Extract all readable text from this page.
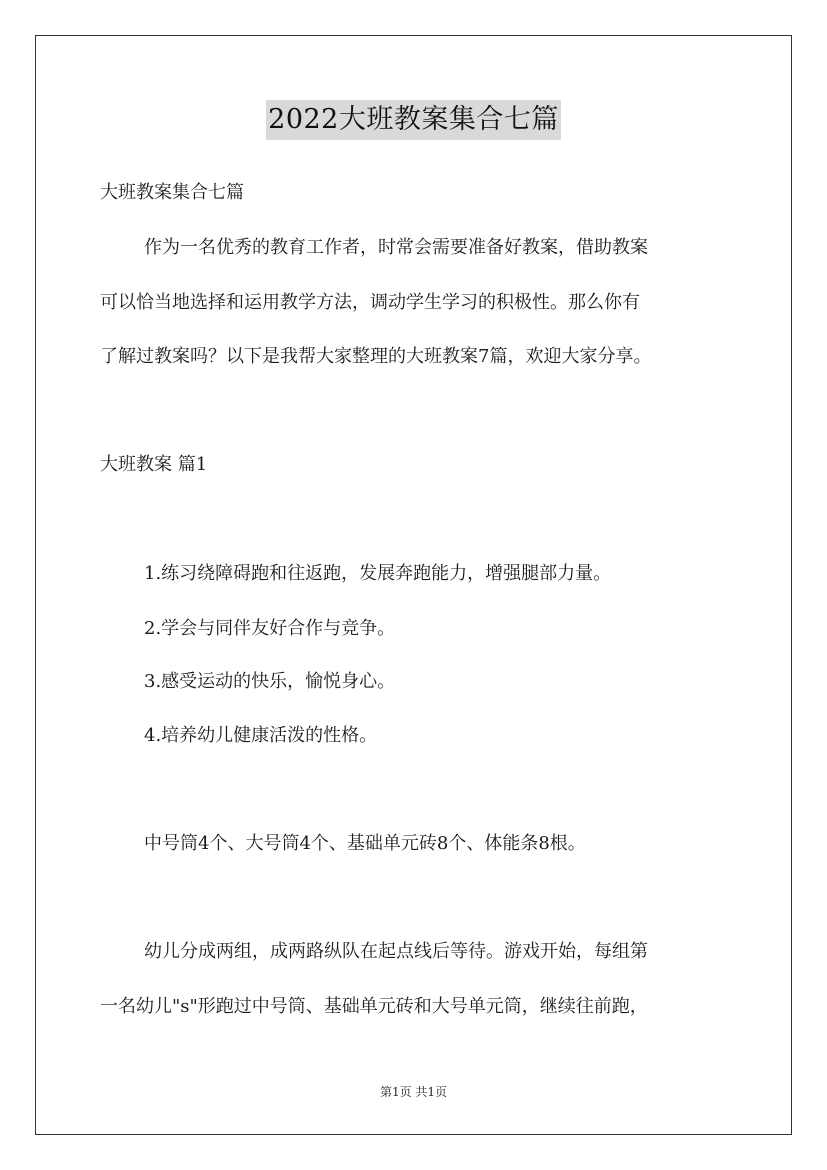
2022大班教案集合七篇
大班教案集合七篇
作为一名优秀的教育工作者，时常会需要准备好教案，借助教案
可以恰当地选择和运用教学方法，调动学生学习的积极性。那么你有
了解过教案吗？以下是我帮大家整理的大班教案7篇，欢迎大家分享。
大班教案 篇1
1.练习绕障碍跑和往返跑，发展奔跑能力，增强腿部力量。
2.学会与同伴友好合作与竞争。
3.感受运动的快乐，愉悦身心。
4.培养幼儿健康活泼的性格。
中号筒4个、大号筒4个、基础单元砖8个、体能条8根。
幼儿分成两组，成两路纵队在起点线后等待。游戏开始，每组第
一名幼儿"s"形跑过中号筒、基础单元砖和大号单元筒，继续往前跑，
第1页 共1页
